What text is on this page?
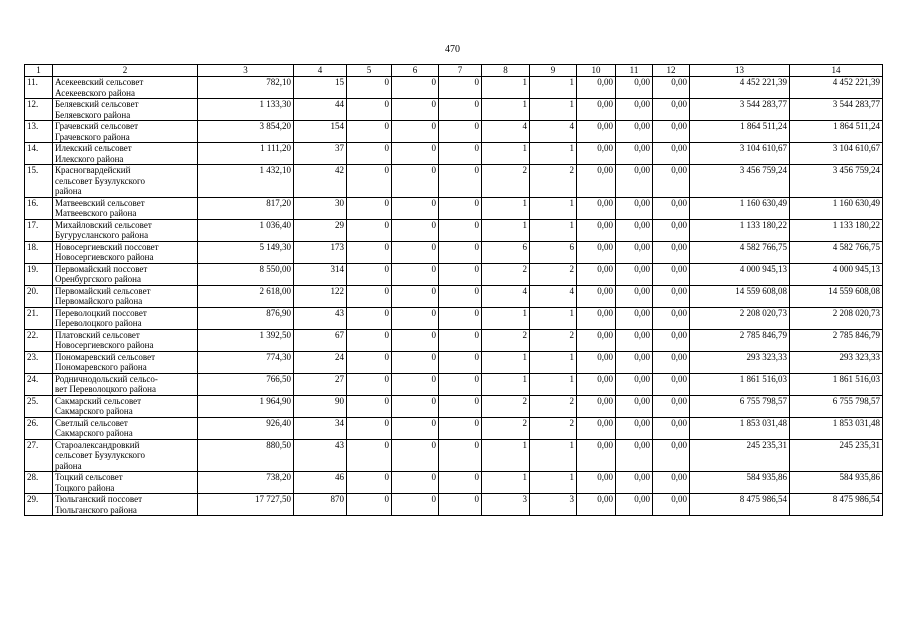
470
1	2	3	4	5	6	7	8	9	10	11	12	13	14
11.	Асекеевский сельсовет
Асекеевского района	782,10	15	0	0	0	1	1	0,00	0,00	0,00	4 452 221,39	4 452 221,39
12.	Беляевский сельсовет
Беляевского района	1 133,30	44	0	0	0	1	1	0,00	0,00	0,00	3 544 283,77	3 544 283,77
13.	Грачевский сельсовет
Грачевского района	3 854,20	154	0	0	0	4	4	0,00	0,00	0,00	1 864 511,24	1 864 511,24
14.	Илекский сельсовет
Илекского района	1 111,20	37	0	0	0	1	1	0,00	0,00	0,00	3 104 610,67	3 104 610,67
15.	Красногвардейский
сельсовет Бузулукского
района	1 432,10	42	0	0	0	2	2	0,00	0,00	0,00	3 456 759,24	3 456 759,24
16.	Матвеевский сельсовет
Матвеевского района	817,20	30	0	0	0	1	1	0,00	0,00	0,00	1 160 630,49	1 160 630,49
17.	Михайловский сельсовет
Бугурусланского района	1 036,40	29	0	0	0	1	1	0,00	0,00	0,00	1 133 180,22	1 133 180,22
18.	Новосергиевский поссовет
Новосергиевского района	5 149,30	173	0	0	0	6	6	0,00	0,00	0,00	4 582 766,75	4 582 766,75
19.	Первомайский поссовет
Оренбургского района	8 550,00	314	0	0	0	2	2	0,00	0,00	0,00	4 000 945,13	4 000 945,13
20.	Первомайский сельсовет
Первомайского района	2 618,00	122	0	0	0	4	4	0,00	0,00	0,00	14 559 608,08	14 559 608,08
21.	Переволоцкий поссовет
Переволоцкого района	876,90	43	0	0	0	1	1	0,00	0,00	0,00	2 208 020,73	2 208 020,73
22.	Платовский сельсовет
Новосергиевского района	1 392,50	67	0	0	0	2	2	0,00	0,00	0,00	2 785 846,79	2 785 846,79
23.	Пономаревский сельсовет
Пономаревского района	774,30	24	0	0	0	1	1	0,00	0,00	0,00	293 323,33	293 323,33
24.	Родничнодольский сельсо-
вет Переволоцкого района	766,50	27	0	0	0	1	1	0,00	0,00	0,00	1 861 516,03	1 861 516,03
25.	Сакмарский сельсовет
Сакмарского района	1 964,90	90	0	0	0	2	2	0,00	0,00	0,00	6 755 798,57	6 755 798,57
26.	Светлый сельсовет
Сакмарского района	926,40	34	0	0	0	2	2	0,00	0,00	0,00	1 853 031,48	1 853 031,48
27.	Староалександровкий
сельсовет Бузулукского
района	880,50	43	0	0	0	1	1	0,00	0,00	0,00	245 235,31	245 235,31
28.	Тоцкий сельсовет
Тоцкого района	738,20	46	0	0	0	1	1	0,00	0,00	0,00	584 935,86	584 935,86
29.	Тюльганский поссовет
Тюльганского района	17 727,50	870	0	0	0	3	3	0,00	0,00	0,00	8 475 986,54	8 475 986,54
